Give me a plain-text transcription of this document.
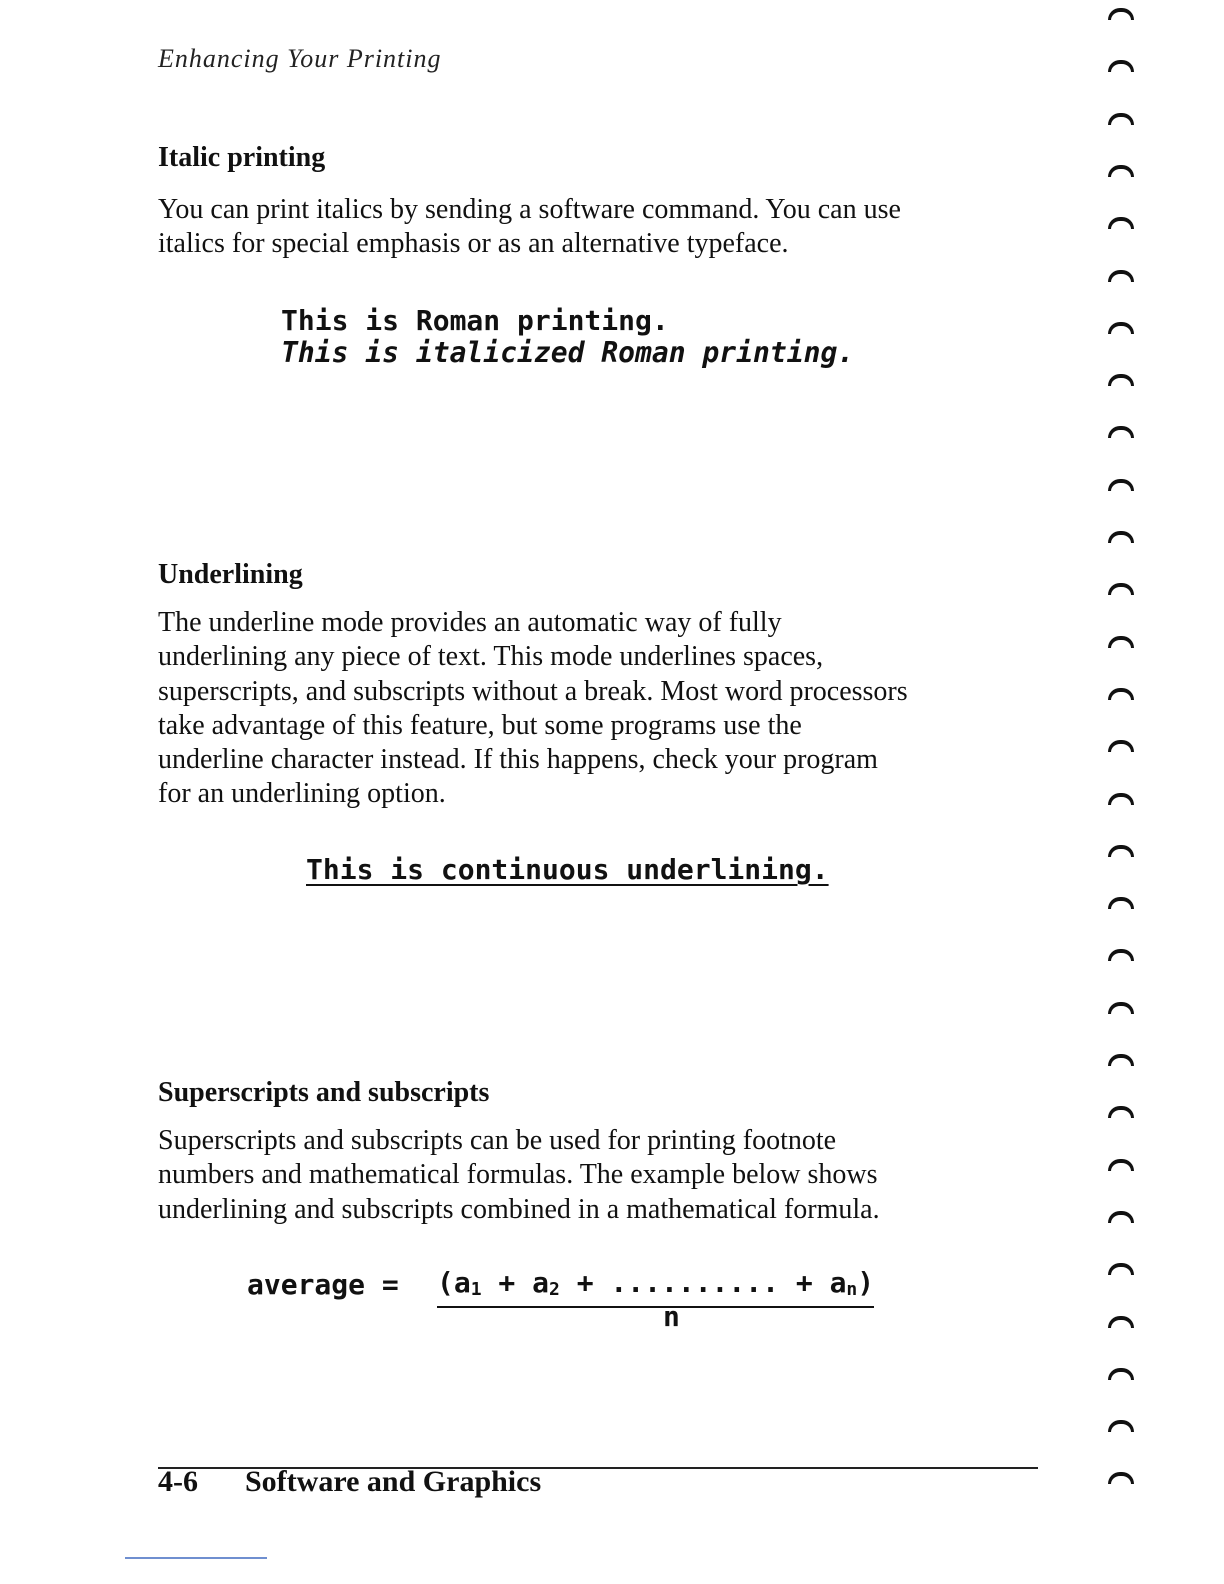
Enhancing Your Printing
Italic printing

You can print italics by sending a software command. You can use
italics for special emphasis or as an alternative typeface.

This is Roman printing.
This is italicized Roman printing.
Underlining

The underline mode provides an automatic way of fully
underlining any piece of text. This mode underlines spaces,
superscripts, and subscripts without a break. Most word processors
take advantage of this feature, but some programs use the
underline character instead. If this happens, check your program
for an underlining option.

This is continuous underlining.
Superscripts and subscripts

Superscripts and subscripts can be used for printing footnote
numbers and mathematical formulas. The example below shows
underlining and subscripts combined in a mathematical formula.

average = ($a_1 + a_2$ + .......... + $a_n$)
n
4-6 Software and Graphics
